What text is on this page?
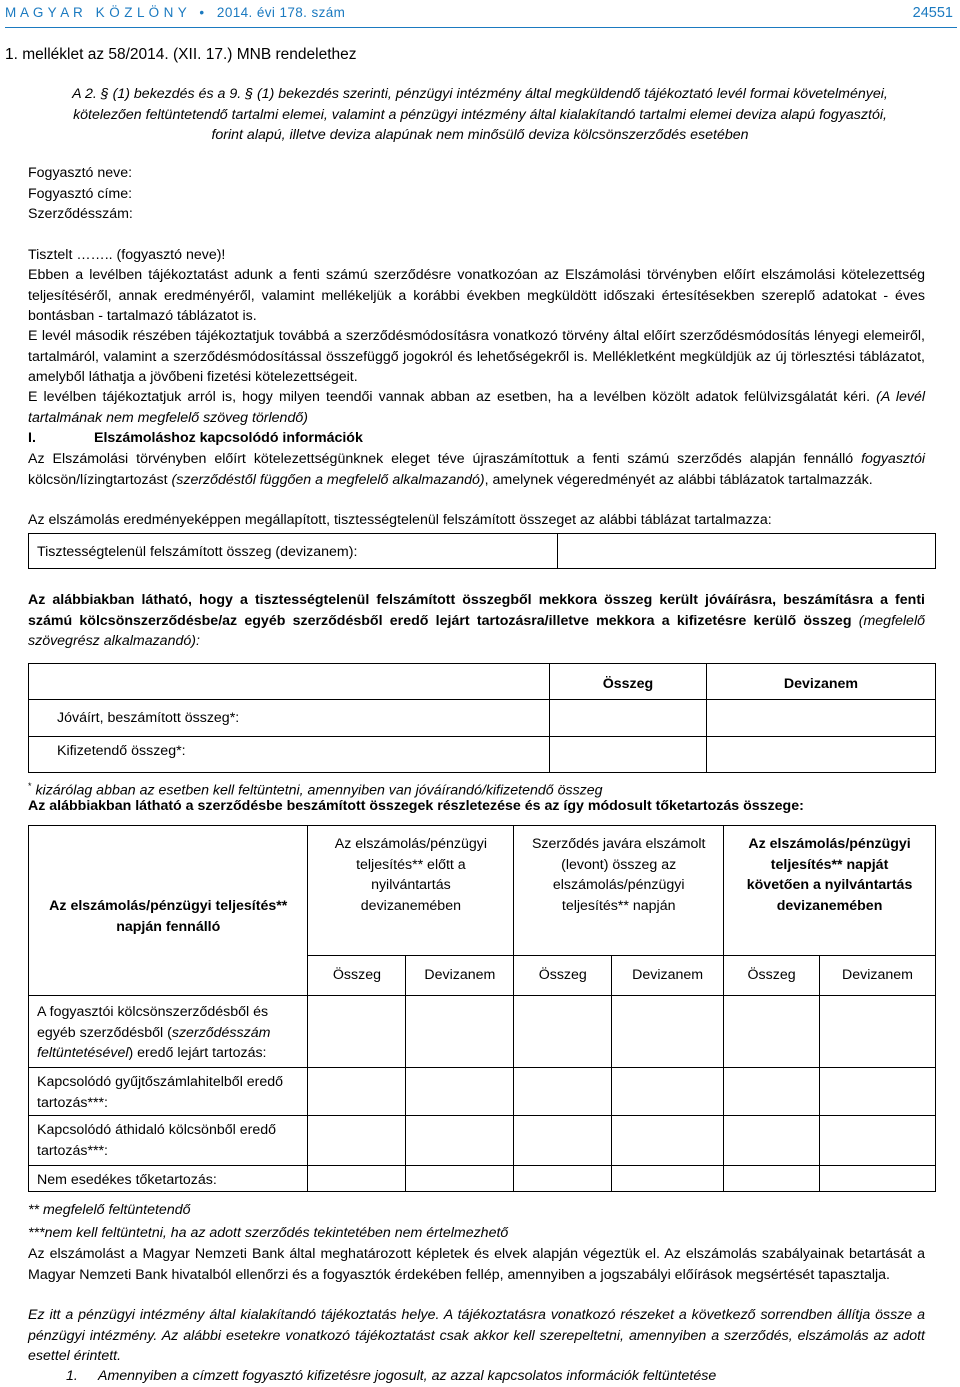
M A G Y A R   K Ö Z L Ö N Y   •   2014. évi 178. szám	24551
1. melléklet az 58/2014. (XII. 17.) MNB rendelethez
A 2. § (1) bekezdés és a 9. § (1) bekezdés szerinti, pénzügyi intézmény által megküldendő tájékoztató levél formai követelményei,
kötelezően feltüntetendő tartalmi elemei, valamint a pénzügyi intézmény által kialakítandó tartalmi elemei deviza alapú fogyasztói,
forint alapú, illetve deviza alapúnak nem minősülő deviza kölcsönszerződés esetében
Fogyasztó neve:
Fogyasztó címe:
Szerződésszám:
Tisztelt …….. (fogyasztó neve)!
Ebben a levélben tájékoztatást adunk a fenti számú szerződésre vonatkozóan az Elszámolási törvényben előírt elszámolási kötelezettség teljesítéséről, annak eredményéről, valamint mellékeljük a korábbi években megküldött időszaki értesítésekben szereplő adatokat - éves bontásban - tartalmazó táblázatot is.
E levél második részében tájékoztatjuk továbbá a szerződésmódosításra vonatkozó törvény által előírt szerződésmódosítás lényegi elemeiről, tartalmáról, valamint a szerződésmódosítással összefüggő jogokról és lehetőségekről is. Mellékletként megküldjük az új törlesztési táblázatot, amelyből láthatja a jövőbeni fizetési kötelezettségeit.
E levélben tájékoztatjuk arról is, hogy milyen teendői vannak abban az esetben, ha a levélben közölt adatok felülvizsgálatát kéri. (A levél tartalmának nem megfelelő szöveg törlendő)
I.	Elszámoláshoz kapcsolódó információk
Az Elszámolási törvényben előírt kötelezettségünknek eleget téve újraszámítottuk a fenti számú szerződés alapján fennálló fogyasztói kölcsön/lízingtartozást (szerződéstől függően a megfelelő alkalmazandó), amelynek végeredményét az alábbi táblázatok tartalmazzák.
Az elszámolás eredményeképpen megállapított, tisztességtelenül felszámított összeget az alábbi táblázat tartalmazza:
Tisztességtelenül felszámított összeg (devizanem):	
Az alábbiakban látható, hogy a tisztességtelenül felszámított összegből mekkora összeg került jóváírásra, beszámításra a fenti számú kölcsönszerződésbe/az egyéb szerződésből eredő lejárt tartozásra/illetve mekkora a kifizetésre kerülő összeg (megfelelő szövegrész alkalmazandó):
	Összeg	Devizanem
Jóváírt, beszámított összeg*:		
Kifizetendő összeg*:		
* kizárólag abban az esetben kell feltüntetni, amennyiben van jóváírandó/kifizetendő összeg
Az alábbiakban látható a szerződésbe beszámított összegek részletezése és az így módosult tőketartozás összege:
Az elszámolás/pénzügyi teljesítés** napján fennálló	Az elszámolás/pénzügyi teljesítés** előtt a nyilvántartás devizanemében		Szerződés javára elszámolt (levont) összeg az elszámolás/pénzügyi teljesítés** napján		Az elszámolás/pénzügyi teljesítés** napját követően a nyilvántartás devizanemében	
	Összeg	Devizanem	Összeg	Devizanem	Összeg	Devizanem
A fogyasztói kölcsönszerződésből és egyéb szerződésből (szerződésszám feltüntetésével) eredő lejárt tartozás:						
Kapcsolódó gyűjtőszámlahitelből eredő tartozás***:						
Kapcsolódó áthidaló kölcsönből eredő tartozás***:						
Nem esedékes tőketartozás:						
** megfelelő feltüntetendő
***nem kell feltüntetni, ha az adott szerződés tekintetében nem értelmezhető
Az elszámolást a Magyar Nemzeti Bank által meghatározott képletek és elvek alapján végeztük el. Az elszámolás szabályainak betartását a Magyar Nemzeti Bank hivatalból ellenőrzi és a fogyasztók érdekében fellép, amennyiben a jogszabályi előírások megsértését tapasztalja.
Ez itt a pénzügyi intézmény által kialakítandó tájékoztatás helye. A tájékoztatásra vonatkozó részeket a következő sorrendben állítja össze a pénzügyi intézmény. Az alábbi esetekre vonatkozó tájékoztatást csak akkor kell szerepeltetni, amennyiben a szerződés, elszámolás az adott esettel érintett.
1. Amennyiben a címzett fogyasztó kifizetésre jogosult, az azzal kapcsolatos információk feltüntetése
